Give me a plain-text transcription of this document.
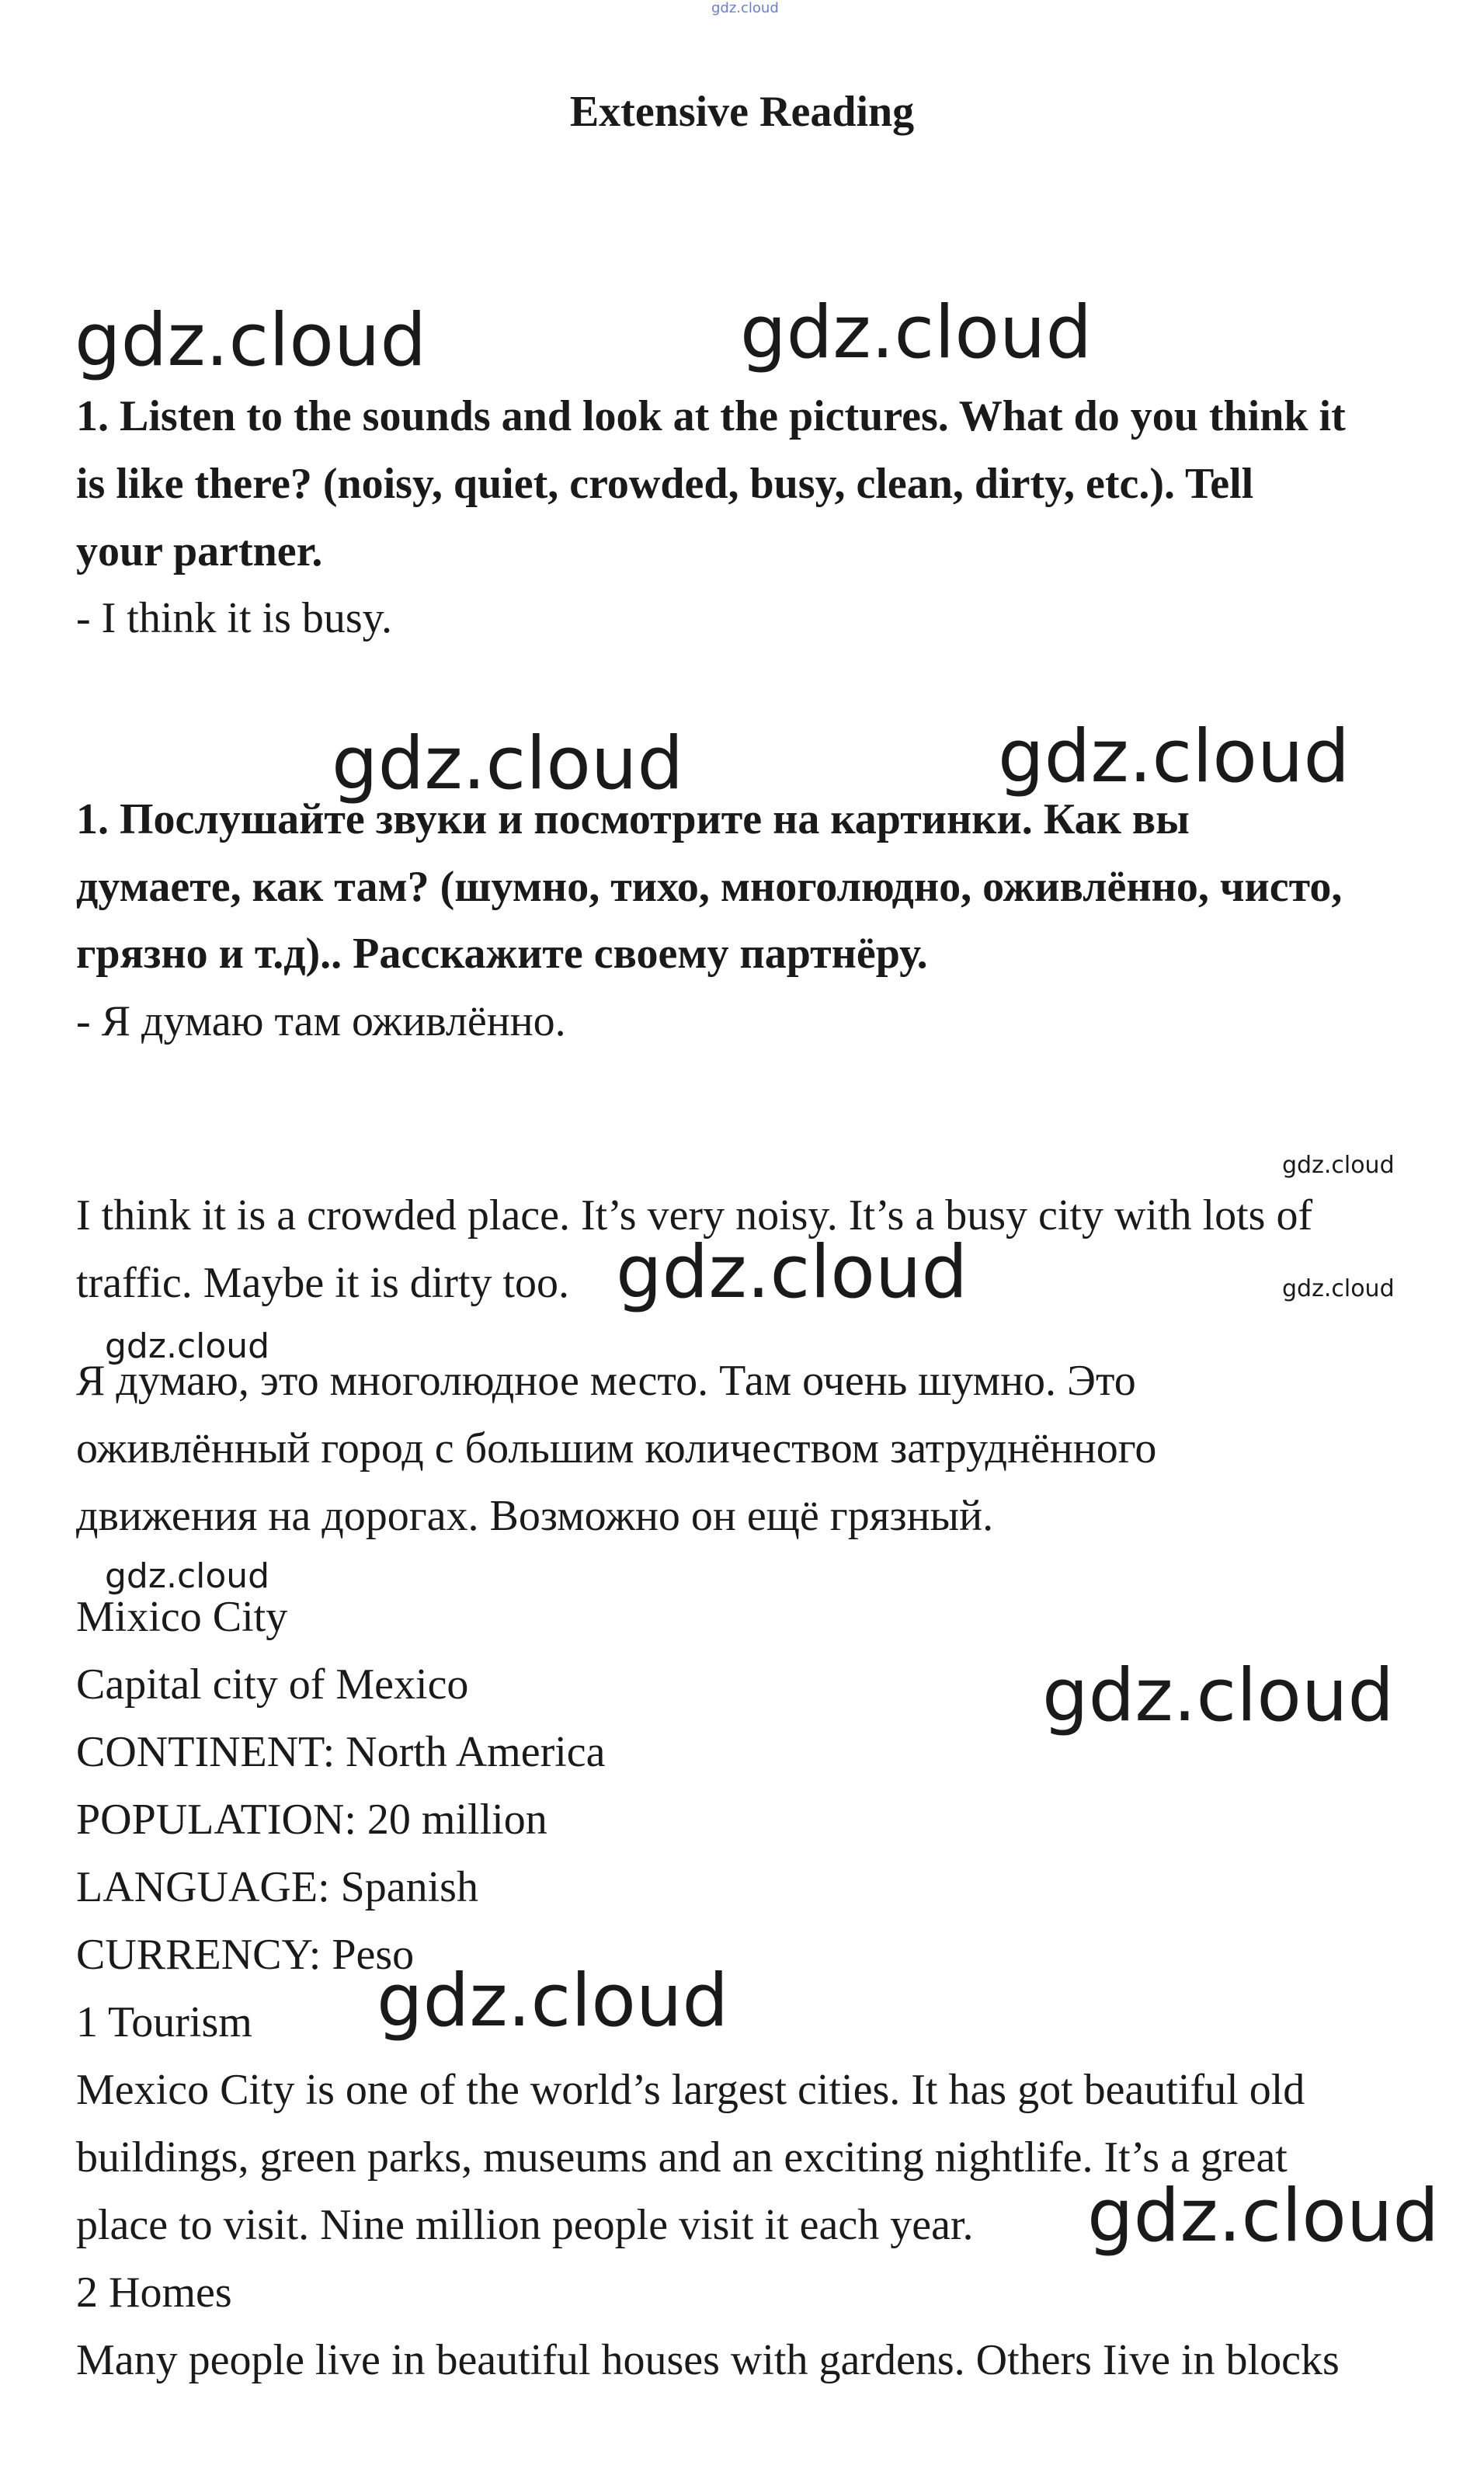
gdz.cloud
Extensive Reading
gdz.cloud	gdz.cloud
1. Listen to the sounds and look at the pictures. What do you think it
is like there? (noisy, quiet, crowded, busy, clean, dirty, etc.). Tell
your partner.
- I think it is busy.
gdz.cloud	gdz.cloud
1. Послушайте звуки и посмотрите на картинки. Как вы
думаете, как там? (шумно, тихо, многолюдно, оживлённо, чисто,
грязно и т.д).. Расскажите своему партнёру.
- Я думаю там оживлённо.
gdz.cloud
I think it is a crowded place. It’s very noisy. It’s a busy city with lots of
traffic. Maybe it is dirty too. gdz.cloud	gdz.cloud
gdz.cloud
Я думаю, это многолюдное место. Там очень шумно. Это
оживлённый город с большим количеством затруднённого
движения на дорогах. Возможно он ещё грязный.
gdz.cloud
Mixico City
Capital city of Mexico	gdz.cloud
CONTINENT: North America
POPULATION: 20 million
LANGUAGE: Spanish
CURRENCY: Peso
1 Tourism gdz.cloud
Mexico City is one of the world’s largest cities. It has got beautiful old
buildings, green parks, museums and an exciting nightlife. It’s a great
place to visit. Nine million people visit it each year. gdz.cloud
2 Homes
Many people live in beautiful houses with gardens. Others Iive in blocks
